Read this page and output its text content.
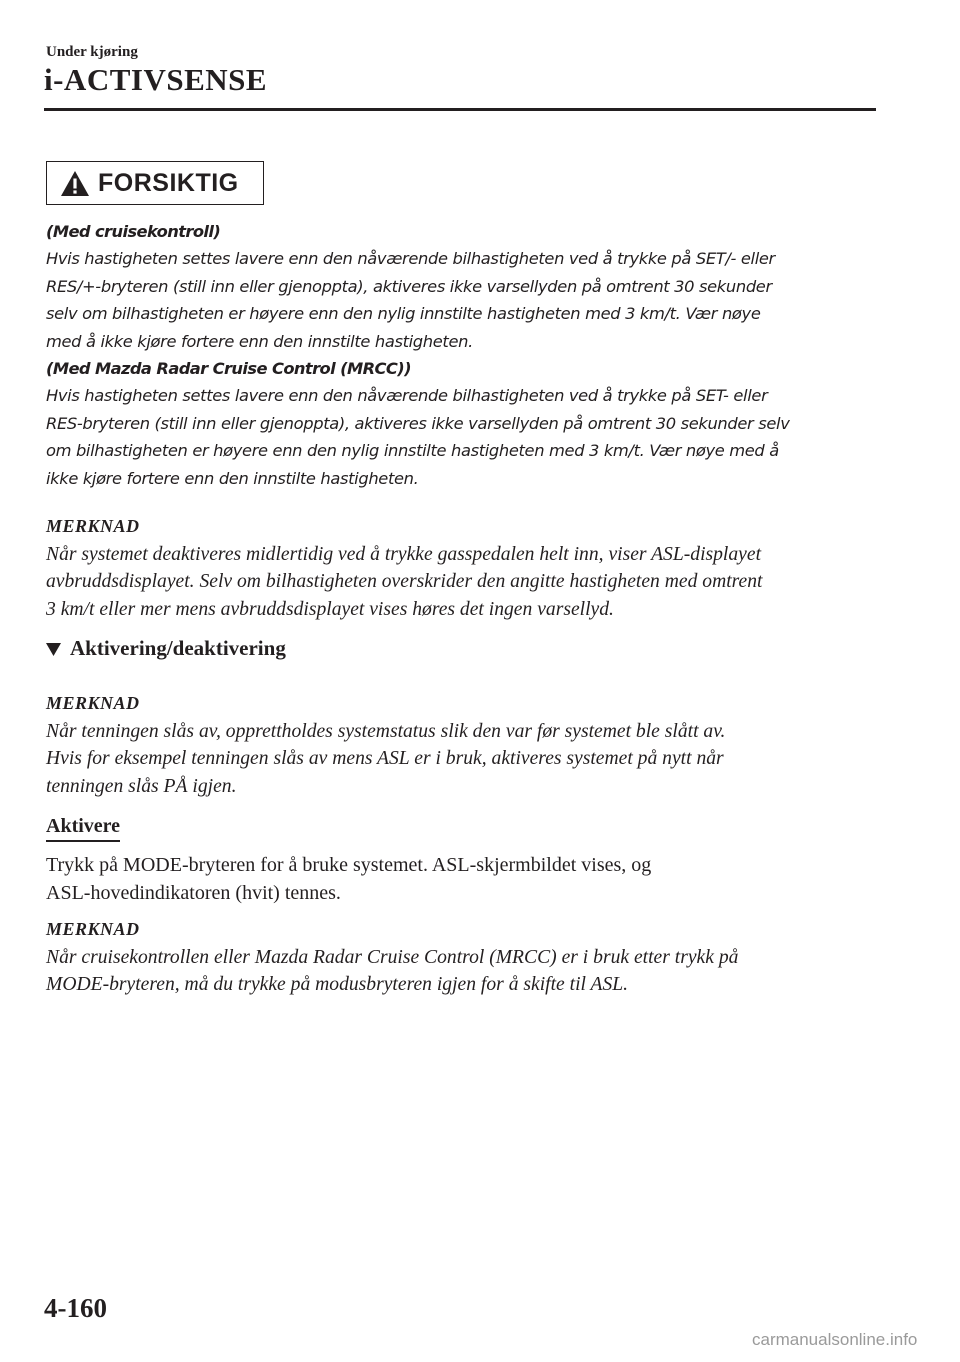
Under kjøring
i-ACTIVSENSE
FORSIKTIG

(Med cruisekontroll)

Hvis hastigheten settes lavere enn den nåværende bilhastigheten ved å trykke på SET/- eller

RES/+-bryteren (still inn eller gjenoppta), aktiveres ikke varsellyden på omtrent 30 sekunder

selv om bilhastigheten er høyere enn den nylig innstilte hastigheten med 3 km/t. Vær nøye

med å ikke kjøre fortere enn den innstilte hastigheten.

(Med Mazda Radar Cruise Control (MRCC))

Hvis hastigheten settes lavere enn den nåværende bilhastigheten ved å trykke på SET- eller

RES-bryteren (still inn eller gjenoppta), aktiveres ikke varsellyden på omtrent 30 sekunder selv

om bilhastigheten er høyere enn den nylig innstilte hastigheten med 3 km/t. Vær nøye med å

ikke kjøre fortere enn den innstilte hastigheten.

MERKNAD

Når systemet deaktiveres midlertidig ved å trykke gasspedalen helt inn, viser ASL-displayet

avbruddsdisplayet. Selv om bilhastigheten overskrider den angitte hastigheten med omtrent

3 km/t eller mer mens avbruddsdisplayet vises høres det ingen varsellyd.

Aktivering/deaktivering

MERKNAD

Når tenningen slås av, opprettholdes systemstatus slik den var før systemet ble slått av.

Hvis for eksempel tenningen slås av mens ASL er i bruk, aktiveres systemet på nytt når

tenningen slås PÅ igjen.

Aktivere

Trykk på MODE-bryteren for å bruke systemet. ASL-skjermbildet vises, og

ASL-hovedindikatoren (hvit) tennes.

MERKNAD

Når cruisekontrollen eller Mazda Radar Cruise Control (MRCC) er i bruk etter trykk på

MODE-bryteren, må du trykke på modusbryteren igjen for å skifte til ASL.

4-160
carmanualsonline.info
